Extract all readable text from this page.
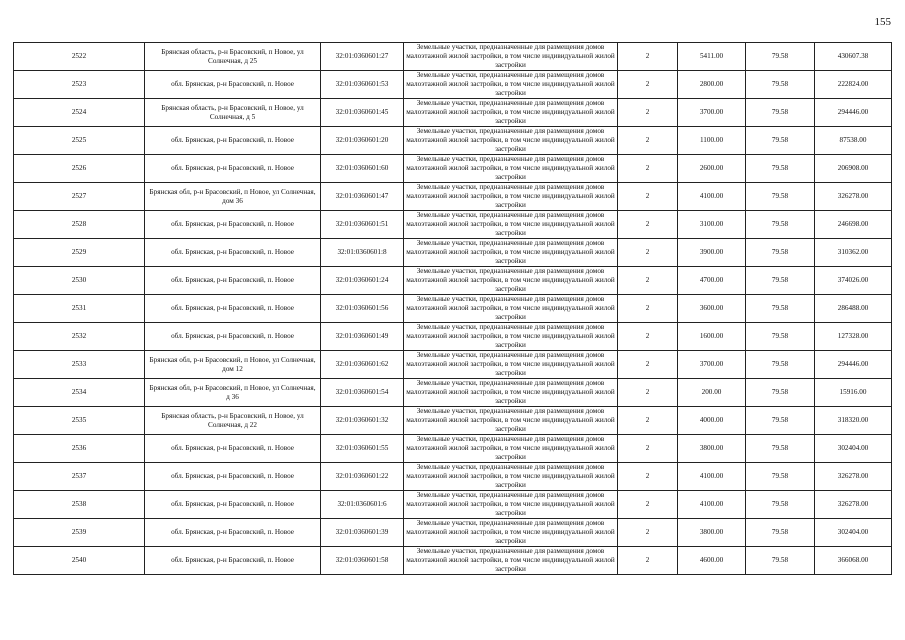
155
2522	Брянская область, р-н Брасовский, п Новое, ул Солнечная, д 25	32:01:0360601:27	Земельные участки, предназначенные для размещения домов малоэтажной жилой застройки, в том числе индивидуальной жилой застройки	2	5411.00	79.58	430607.38
2523	обл. Брянская, р-н Брасовский, п. Новое	32:01:0360601:53	Земельные участки, предназначенные для размещения домов малоэтажной жилой застройки, в том числе индивидуальной жилой застройки	2	2800.00	79.58	222824.00
2524	Брянская область, р-н Брасовский, п Новое, ул Солнечная, д 5	32:01:0360601:45	Земельные участки, предназначенные для размещения домов малоэтажной жилой застройки, в том числе индивидуальной жилой застройки	2	3700.00	79.58	294446.00
2525	обл. Брянская, р-н Брасовский, п. Новое	32:01:0360601:20	Земельные участки, предназначенные для размещения домов малоэтажной жилой застройки, в том числе индивидуальной жилой застройки	2	1100.00	79.58	87538.00
2526	обл. Брянская, р-н Брасовский, п. Новое	32:01:0360601:60	Земельные участки, предназначенные для размещения домов малоэтажной жилой застройки, в том числе индивидуальной жилой застройки	2	2600.00	79.58	206908.00
2527	Брянская обл, р-н Брасовский, п Новое, ул Солнечная, дом 36	32:01:0360601:47	Земельные участки, предназначенные для размещения домов малоэтажной жилой застройки, в том числе индивидуальной жилой застройки	2	4100.00	79.58	326278.00
2528	обл. Брянская, р-н Брасовский, п. Новое	32:01:0360601:51	Земельные участки, предназначенные для размещения домов малоэтажной жилой застройки, в том числе индивидуальной жилой застройки	2	3100.00	79.58	246698.00
2529	обл. Брянская, р-н Брасовский, п. Новое	32:01:0360601:8	Земельные участки, предназначенные для размещения домов малоэтажной жилой застройки, в том числе индивидуальной жилой застройки	2	3900.00	79.58	310362.00
2530	обл. Брянская, р-н Брасовский, п. Новое	32:01:0360601:24	Земельные участки, предназначенные для размещения домов малоэтажной жилой застройки, в том числе индивидуальной жилой застройки	2	4700.00	79.58	374026.00
2531	обл. Брянская, р-н Брасовский, п. Новое	32:01:0360601:56	Земельные участки, предназначенные для размещения домов малоэтажной жилой застройки, в том числе индивидуальной жилой застройки	2	3600.00	79.58	286488.00
2532	обл. Брянская, р-н Брасовский, п. Новое	32:01:0360601:49	Земельные участки, предназначенные для размещения домов малоэтажной жилой застройки, в том числе индивидуальной жилой застройки	2	1600.00	79.58	127328.00
2533	Брянская обл, р-н Брасовский, п Новое, ул Солнечная, дом 12	32:01:0360601:62	Земельные участки, предназначенные для размещения домов малоэтажной жилой застройки, в том числе индивидуальной жилой застройки	2	3700.00	79.58	294446.00
2534	Брянская обл, р-н Брасовский, п Новое, ул Солнечная, д 36	32:01:0360601:54	Земельные участки, предназначенные для размещения домов малоэтажной жилой застройки, в том числе индивидуальной жилой застройки	2	200.00	79.58	15916.00
2535	Брянская область, р-н Брасовский, п Новое, ул Солнечная, д 22	32:01:0360601:32	Земельные участки, предназначенные для размещения домов малоэтажной жилой застройки, в том числе индивидуальной жилой застройки	2	4000.00	79.58	318320.00
2536	обл. Брянская, р-н Брасовский, п. Новое	32:01:0360601:55	Земельные участки, предназначенные для размещения домов малоэтажной жилой застройки, в том числе индивидуальной жилой застройки	2	3800.00	79.58	302404.00
2537	обл. Брянская, р-н Брасовский, п. Новое	32:01:0360601:22	Земельные участки, предназначенные для размещения домов малоэтажной жилой застройки, в том числе индивидуальной жилой застройки	2	4100.00	79.58	326278.00
2538	обл. Брянская, р-н Брасовский, п. Новое	32:01:0360601:6	Земельные участки, предназначенные для размещения домов малоэтажной жилой застройки, в том числе индивидуальной жилой застройки	2	4100.00	79.58	326278.00
2539	обл. Брянская, р-н Брасовский, п. Новое	32:01:0360601:39	Земельные участки, предназначенные для размещения домов малоэтажной жилой застройки, в том числе индивидуальной жилой застройки	2	3800.00	79.58	302404.00
2540	обл. Брянская, р-н Брасовский, п. Новое	32:01:0360601:58	Земельные участки, предназначенные для размещения домов малоэтажной жилой застройки, в том числе индивидуальной жилой застройки	2	4600.00	79.58	366068.00
